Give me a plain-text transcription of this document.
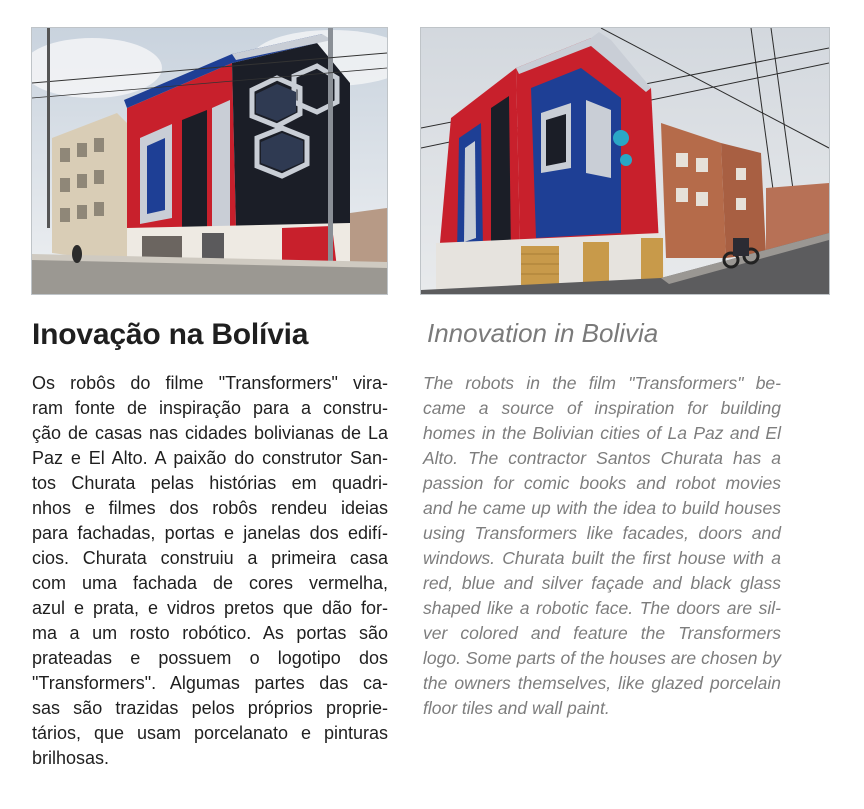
Inovação na Bolívia	Innovation in Bolivia

Os robôs do filme "Transformers" vira-
ram fonte de inspiração para a constru-
ção de casas nas cidades bolivianas de La
Paz e El Alto. A paixão do construtor San-
tos Churata pelas histórias em quadri-
nhos e filmes dos robôs rendeu ideias
para fachadas, portas e janelas dos edifí-
cios. Churata construiu a primeira casa
com uma fachada de cores vermelha,
azul e prata, e vidros pretos que dão for-
ma a um rosto robótico. As portas são
prateadas e possuem o logotipo dos
"Transformers". Algumas partes das ca-
sas são trazidas pelos próprios proprie-
tários, que usam porcelanato e pinturas
brilhosas.

The robots in the film "Transformers" be-
came a source of inspiration for building
homes in the Bolivian cities of La Paz and El
Alto. The contractor Santos Churata has a
passion for comic books and robot movies
and he came up with the idea to build houses
using Transformers like facades, doors and
windows. Churata built the first house with a
red, blue and silver façade and black glass
shaped like a robotic face. The doors are sil-
ver colored and feature the Transformers
logo. Some parts of the houses are chosen by
the owners themselves, like glazed porcelain
floor tiles and wall paint.
